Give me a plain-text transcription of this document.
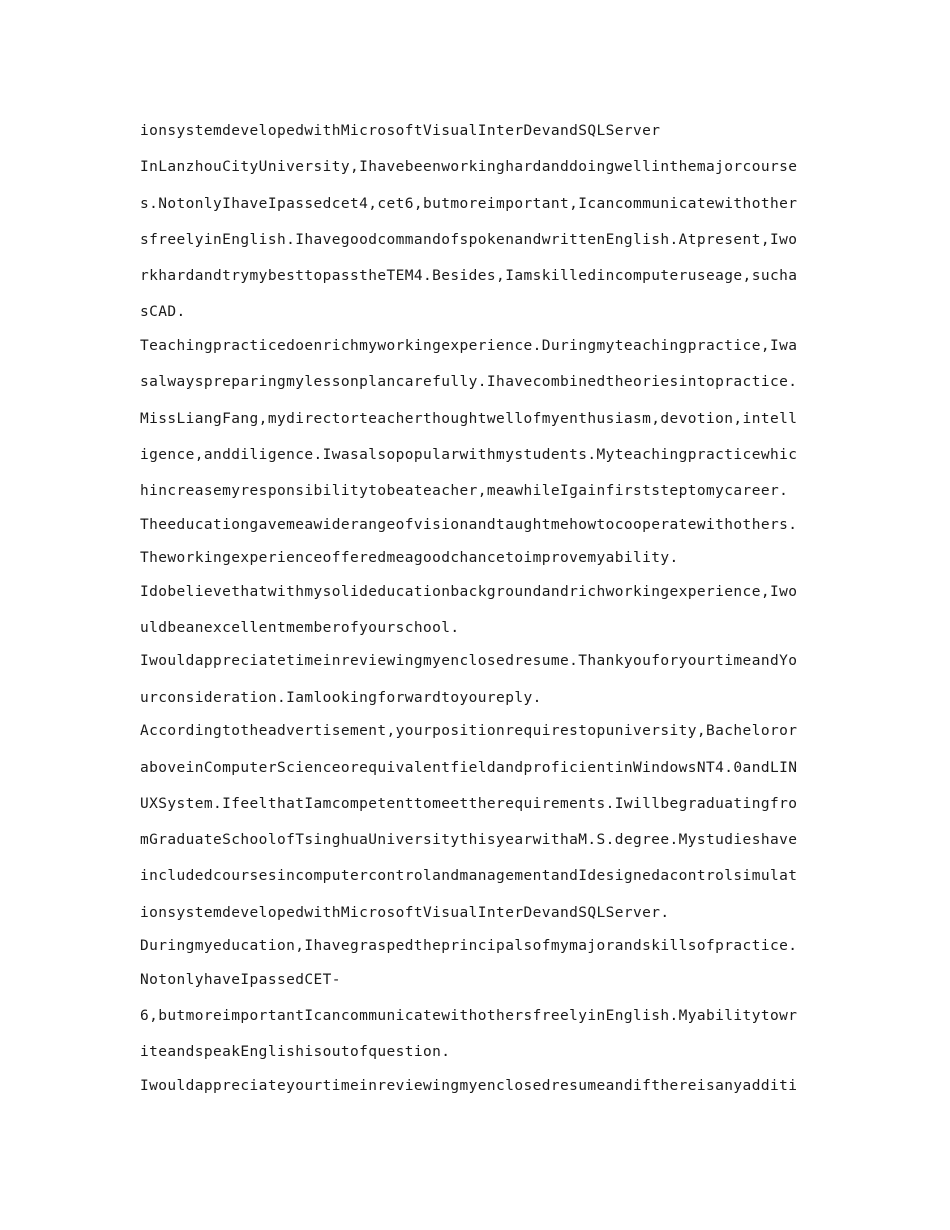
ionsystemdevelopedwithMicrosoftVisualInterDevandSQLServer
InLanzhouCityUniversity,Ihavebeenworkinghardanddoingwellinthemajorcourse
s.NotonlyIhaveIpassedcet4,cet6,butmoreimportant,Icancommunicatewithother
sfreelyinEnglish.IhavegoodcommandofspokenandwrittenEnglish.Atpresent,Iwo
rkhardandtrymybesttopasstheTEM4.Besides,Iamskilledincomputeruseage,sucha
sCAD.
Teachingpracticedoenrichmyworkingexperience.Duringmyteachingpractice,Iwa
salwayspreparingmylessonplancarefully.Ihavecombinedtheoriesintopractice.
MissLiangFang,mydirectorteacherthoughtwellofmyenthusiasm,devotion,intell
igence,anddiligence.Iwasalsopopularwithmystudents.Myteachingpracticewhic
hincreasemyresponsibilitytobeateacher,meawhileIgainfirststeptomycareer.
Theeducationgavemeawiderangeofvisionandtaughtmehowtocooperatewithothers.
Theworkingexperienceofferedmeagoodchancetoimprovemyability.
Idobelievethatwithmysolideducationbackgroundandrichworkingexperience,Iwo
uldbeanexcellentmemberofyourschool.
Iwouldappreciatetimeinreviewingmyenclosedresume.ThankyouforyourtimeandYo
urconsideration.Iamlookingforwardtoyoureply.
Accordingtotheadvertisement,yourpositionrequirestopuniversity,Bacheloror
aboveinComputerScienceorequivalentfieldandproficientinWindowsNT4.0andLIN
UXSystem.IfeelthatIamcompetenttomeettherequirements.Iwillbegraduatingfro
mGraduateSchoolofTsinghuaUniversitythisyearwithaM.S.degree.Mystudieshave
includedcoursesincomputercontrolandmanagementandIdesignedacontrolsimulat
ionsystemdevelopedwithMicrosoftVisualInterDevandSQLServer.
Duringmyeducation,Ihavegraspedtheprincipalsofmymajorandskillsofpractice.
NotonlyhaveIpassedCET-
6,butmoreimportantIcancommunicatewithothersfreelyinEnglish.Myabilitytowr
iteandspeakEnglishisoutofquestion.
Iwouldappreciateyourtimeinreviewingmyenclosedresumeandifthereisanyadditi
